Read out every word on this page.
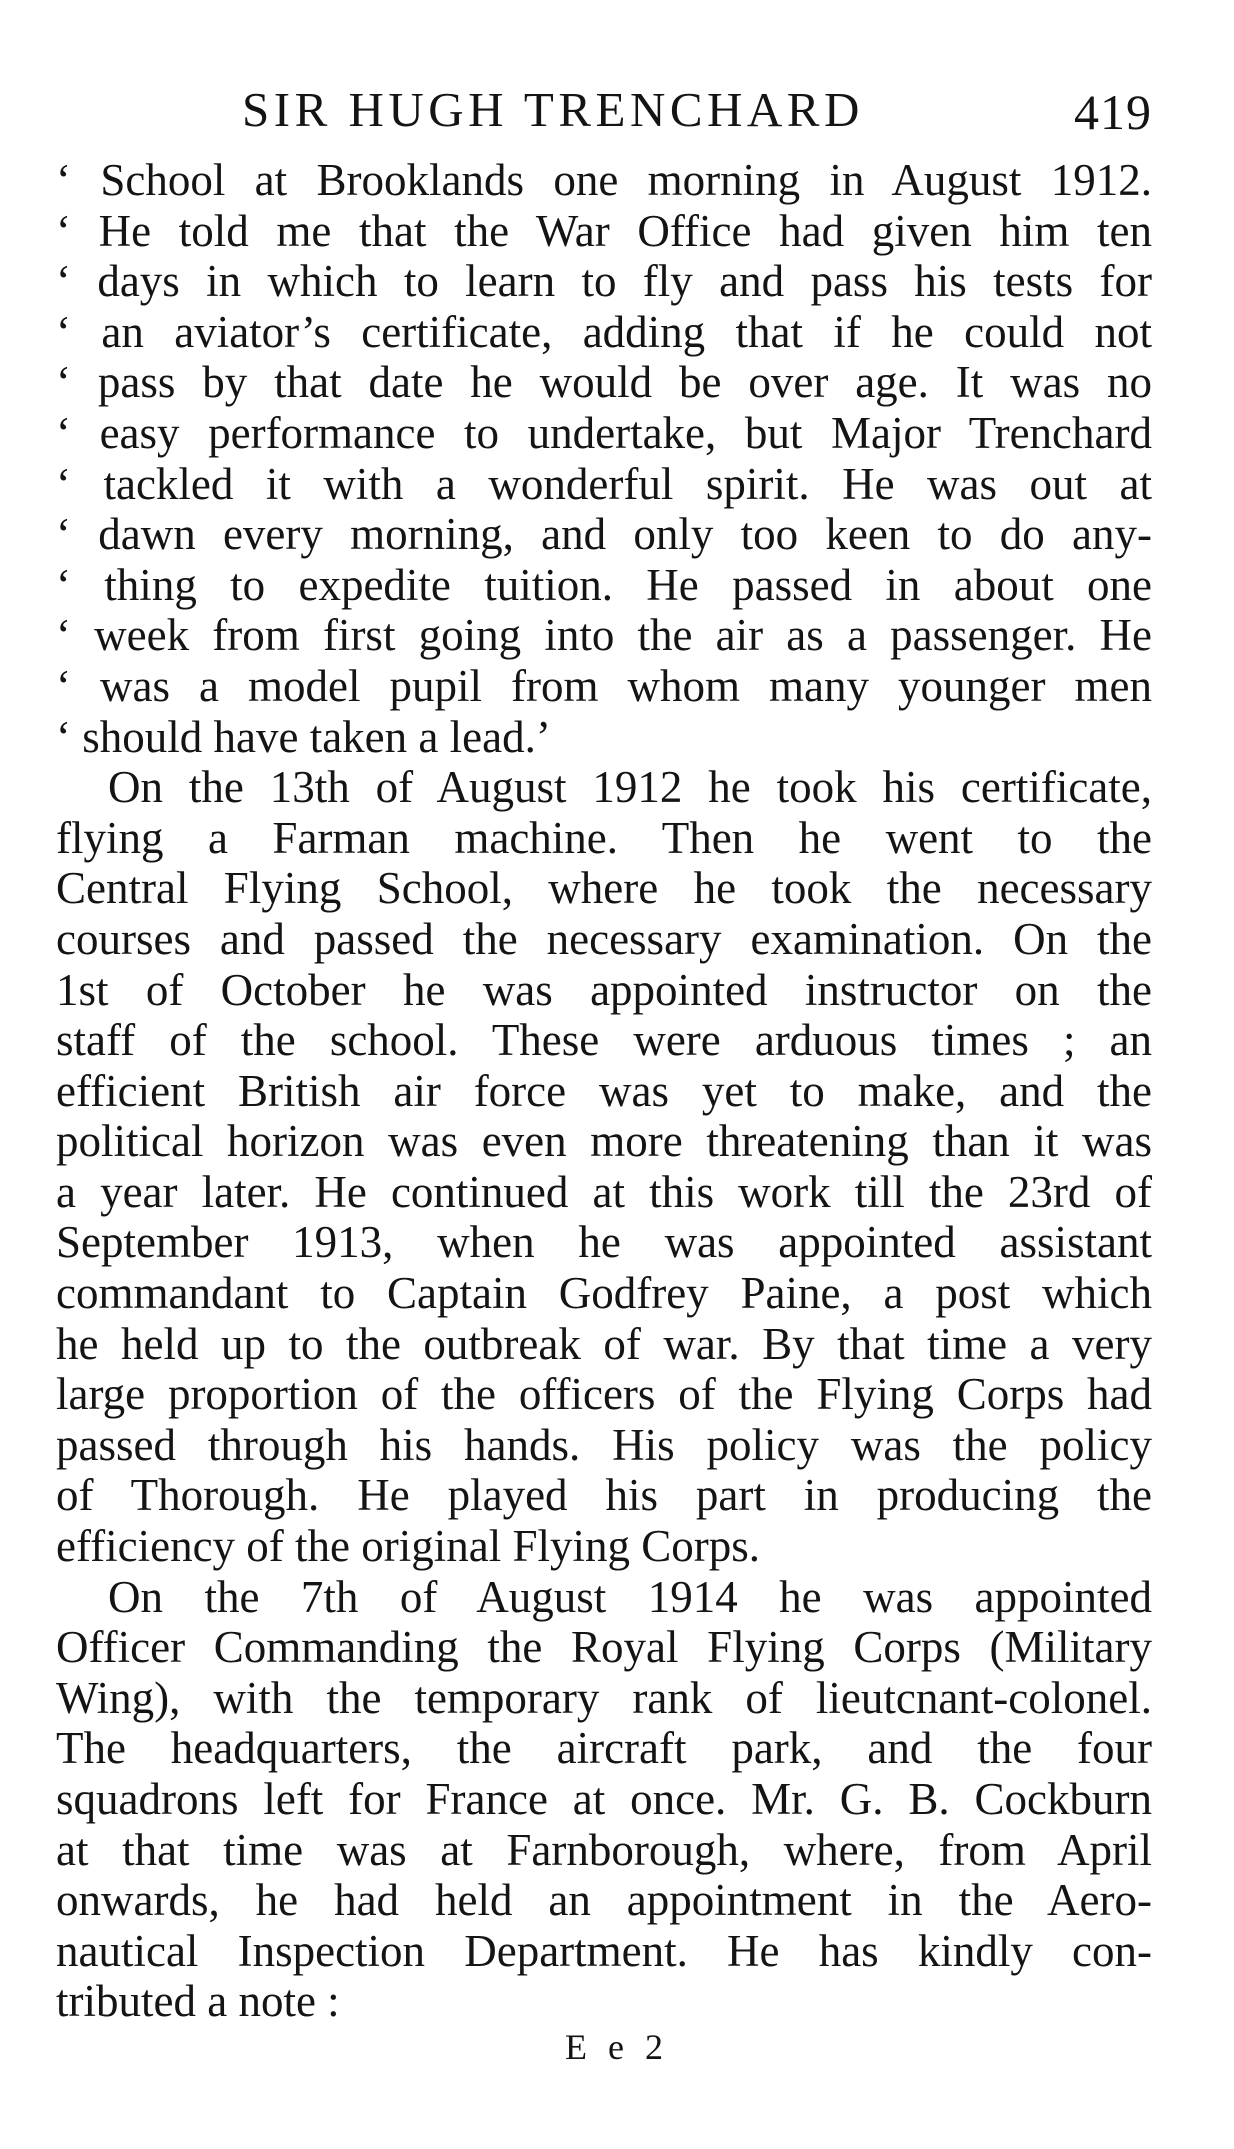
SIR HUGH TRENCHARD	419
‘ School at Brooklands one morning in August 1912.
‘ He told me that the War Office had given him ten
‘ days in which to learn to fly and pass his tests for
‘ an aviator’s certificate, adding that if he could not
‘ pass by that date he would be over age. It was no
‘ easy performance to undertake, but Major Trenchard
‘ tackled it with a wonderful spirit. He was out at
‘ dawn every morning, and only too keen to do any-
‘ thing to expedite tuition. He passed in about one
‘ week from first going into the air as a passenger. He
‘ was a model pupil from whom many younger men
‘ should have taken a lead.’
On the 13th of August 1912 he took his certificate,
flying a Farman machine. Then he went to the
Central Flying School, where he took the necessary
courses and passed the necessary examination. On the
1st of October he was appointed instructor on the
staff of the school. These were arduous times ; an
efficient British air force was yet to make, and the
political horizon was even more threatening than it was
a year later. He continued at this work till the 23rd of
September 1913, when he was appointed assistant
commandant to Captain Godfrey Paine, a post which
he held up to the outbreak of war. By that time a very
large proportion of the officers of the Flying Corps had
passed through his hands. His policy was the policy
of Thorough. He played his part in producing the
efficiency of the original Flying Corps.
On the 7th of August 1914 he was appointed
Officer Commanding the Royal Flying Corps (Military
Wing), with the temporary rank of lieutcnant-colonel.
The headquarters, the aircraft park, and the four
squadrons left for France at once. Mr. G. B. Cockburn
at that time was at Farnborough, where, from April
onwards, he had held an appointment in the Aero-
nautical Inspection Department. He has kindly con-
tributed a note :
E e 2
